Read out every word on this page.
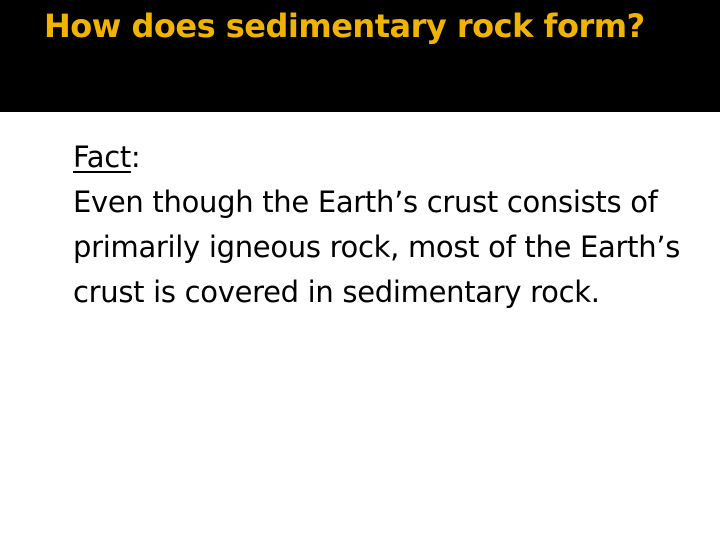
How does sedimentary rock form?
Fact:
Even though the Earth’s crust consists of primarily igneous rock, most of the Earth’s crust is covered in sedimentary rock.
